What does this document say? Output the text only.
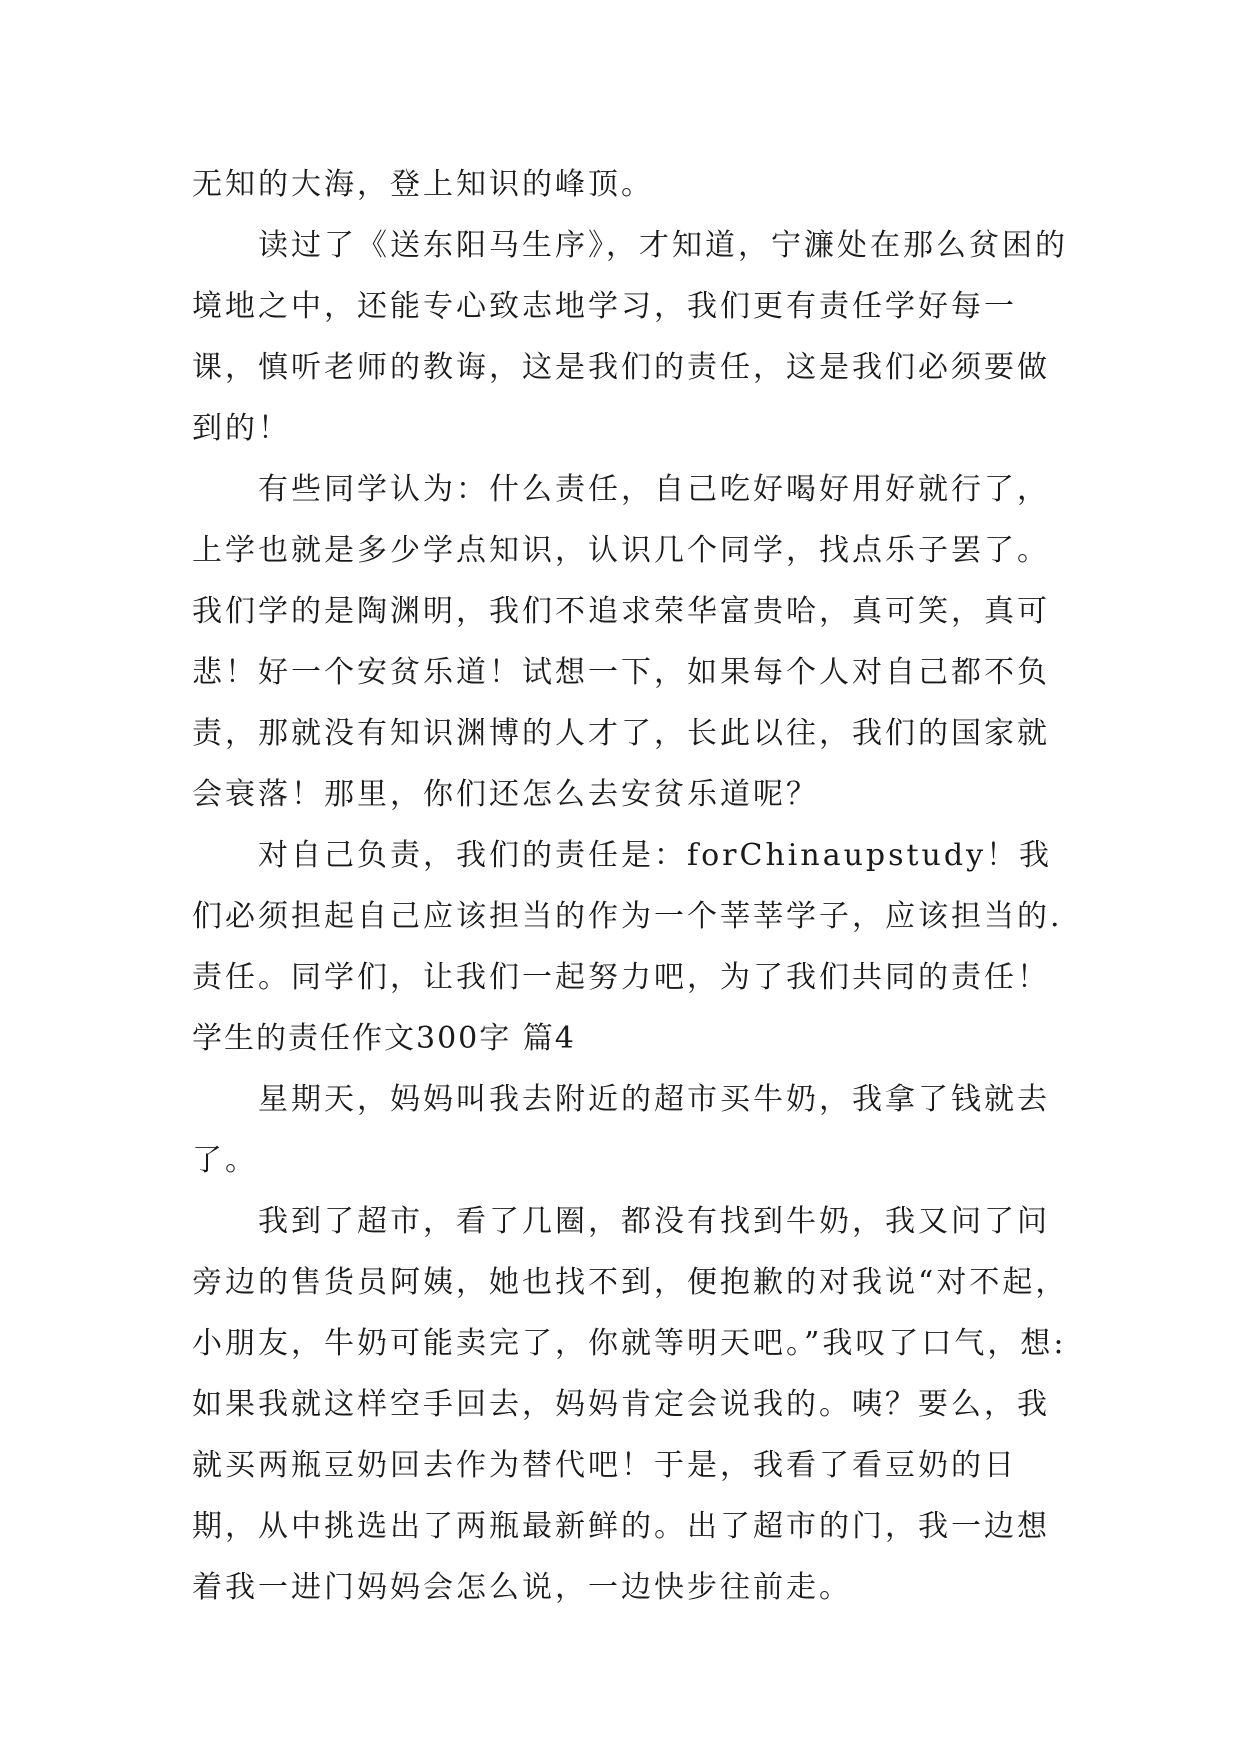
无知的大海，登上知识的峰顶。

读过了《送东阳马生序》，才知道，宁濂处在那么贫困的境地之中，还能专心致志地学习，我们更有责任学好每一课，慎听老师的教诲，这是我们的责任，这是我们必须要做到的！

有些同学认为：什么责任，自己吃好喝好用好就行了，上学也就是多少学点知识，认识几个同学，找点乐子罢了。我们学的是陶渊明，我们不追求荣华富贵哈，真可笑，真可悲！好一个安贫乐道！试想一下，如果每个人对自己都不负责，那就没有知识渊博的人才了，长此以往，我们的国家就会衰落！那里，你们还怎么去安贫乐道呢？

对自己负责，我们的责任是：forChinaupstudy！我们必须担起自己应该担当的作为一个莘莘学子，应该担当的.责任。同学们，让我们一起努力吧，为了我们共同的责任！

学生的责任作文300字 篇4

星期天，妈妈叫我去附近的超市买牛奶，我拿了钱就去了。

我到了超市，看了几圈，都没有找到牛奶，我又问了问旁边的售货员阿姨，她也找不到，便抱歉的对我说“对不起，小朋友，牛奶可能卖完了，你就等明天吧。”我叹了口气，想:如果我就这样空手回去，妈妈肯定会说我的。咦？要么，我就买两瓶豆奶回去作为替代吧！于是，我看了看豆奶的日期，从中挑选出了两瓶最新鲜的。出了超市的门，我一边想着我一进门妈妈会怎么说，一边快步往前走。
